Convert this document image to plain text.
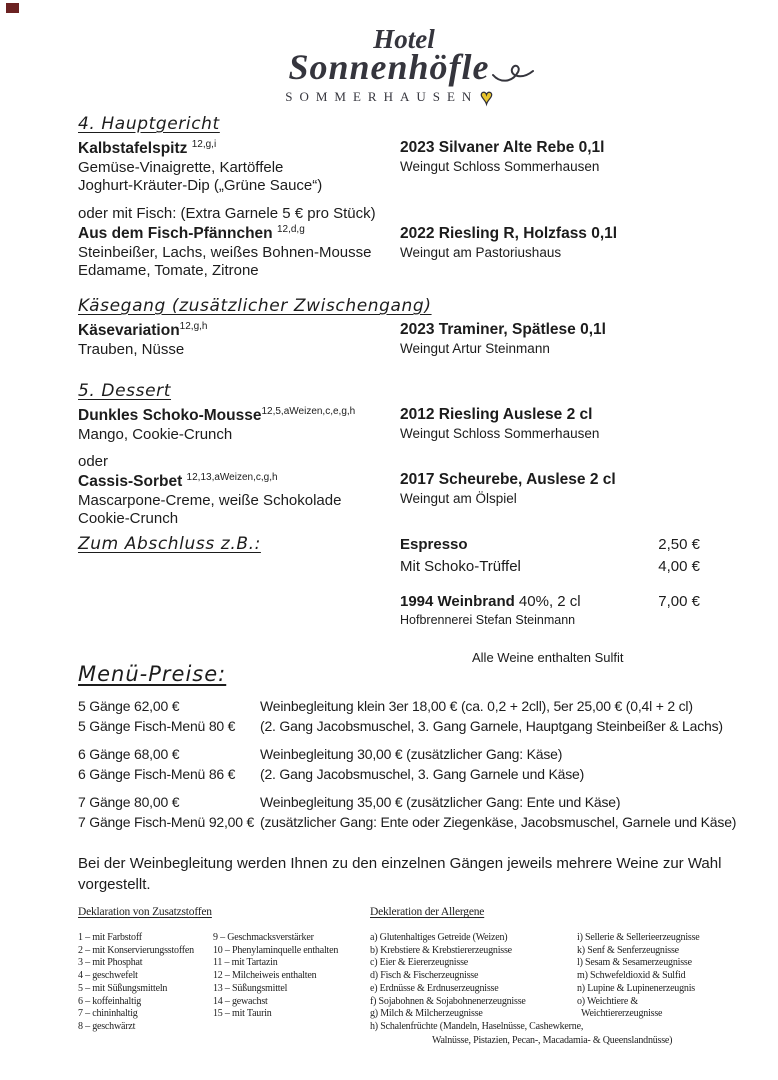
Hotel
Sonnenhöfle
SOMMERHAUSEN♥
4. Hauptgericht
Kalbstafelspitz $^{12,g,i}$
Gemüse-Vinaigrette, Kartöffele
Joghurt-Kräuter-Dip („Grüne Sauce“)
2023 Silvaner Alte Rebe 0,1l
Weingut Schloss Sommerhausen
oder mit Fisch: (Extra Garnele 5 € pro Stück)
Aus dem Fisch-Pfännchen $^{12,d,g}$
Steinbeißer, Lachs, weißes Bohnen-Mousse
Edamame, Tomate, Zitrone
2022 Riesling R, Holzfass 0,1l
Weingut am Pastoriushaus
Käsegang (zusätzlicher Zwischengang)
Käsevariation$^{12,g,h}$
Trauben, Nüsse
2023 Traminer, Spätlese 0,1l
Weingut Artur Steinmann
5. Dessert
Dunkles Schoko-Mousse$^{12,5,aWeizen,c,e,g,h}$
Mango, Cookie-Crunch
2012 Riesling Auslese 2 cl
Weingut Schloss Sommerhausen
oder
Cassis-Sorbet $^{12,13,aWeizen,c,g,h}$
Mascarpone-Creme, weiße Schokolade
Cookie-Crunch
2017 Scheurebe, Auslese 2 cl
Weingut am Ölspiel
Zum Abschluss z.B.:	Espresso	2,50 €
Mit Schoko-Trüffel	4,00 €
1994 Weinbrand 40%, 2 cl	7,00 €
Hofbrennerei Stefan Steinmann
Alle Weine enthalten Sulfit
Menü-Preise:
5 Gänge 62,00 €	Weinbegleitung klein 3er 18,00 € (ca. 0,2 + 2cll), 5er 25,00 € (0,4l + 2 cl)
5 Gänge Fisch-Menü 80 €	(2. Gang Jacobsmuschel, 3. Gang Garnele, Hauptgang Steinbeißer & Lachs)
6 Gänge 68,00 €	Weinbegleitung 30,00 € (zusätzlicher Gang: Käse)
6 Gänge Fisch-Menü 86 €	(2. Gang Jacobsmuschel, 3. Gang Garnele und Käse)
7 Gänge 80,00 €	Weinbegleitung 35,00 € (zusätzlicher Gang: Ente und Käse)
7 Gänge Fisch-Menü 92,00 € (zusätzlicher Gang: Ente oder Ziegenkäse, Jacobsmuschel, Garnele und Käse)

Bei der Weinbegleitung werden Ihnen zu den einzelnen Gängen jeweils mehrere Weine zur Wahl vorgestellt.

Deklaration von Zusatzstoffen
1 – mit Farbstoff
2 – mit Konservierungsstoffen
3 – mit Phosphat
4 – geschwefelt
5 – mit Süßungsmitteln
6 – koffeinhaltig
7 – chininhaltig
8 – geschwärzt
9 – Geschmacksverstärker
10 – Phenylaminquelle enthalten
11 – mit Tartazin
12 – Milcheiweis enthalten
13 – Süßungsmittel
14 – gewachst
15 – mit Taurin
Dekleration der Allergene
a) Glutenhaltiges Getreide (Weizen)
b) Krebstiere & Krebstiererzeugnisse
c) Eier & Eiererzeugnisse
d) Fisch & Fischerzeugnisse
e) Erdnüsse & Erdnuserzeugnisse
f) Sojabohnen & Sojabohnenerzeugnisse
g) Milch & Milcherzeugnisse
h) Schalenfrüchte (Mandeln, Haselnüsse, Cashewkerne,
i) Sellerie & Sellerieerzeugnisse
k) Senf & Senferzeugnisse
l) Sesam & Sesamerzeugnisse
m) Schwefeldioxid & Sulfid
n) Lupine & Lupinenerzeugnis
o) Weichtiere &
Weichtiererzeugnisse
Walnüsse, Pistazien, Pecan-, Macadamia- & Queenslandnüsse)
